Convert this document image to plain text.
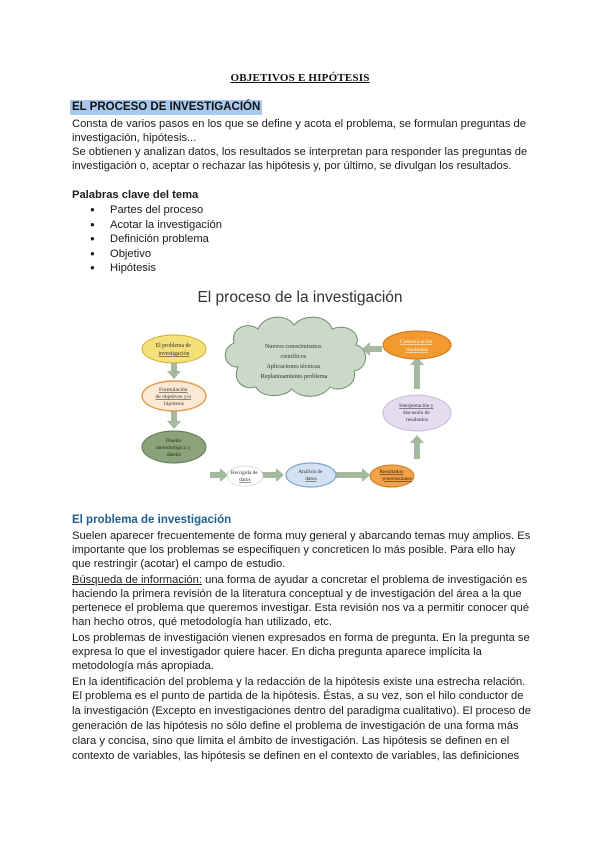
OBJETIVOS E HIPÓTESIS
EL PROCESO DE INVESTIGACIÓN
Consta de varios pasos en los que se define y acota el problema, se formulan preguntas de
investigación, hipótesis...
Se obtienen y analizan datos, los resultados se interpretan para responder las preguntas de
investigación o, aceptar o rechazar las hipótesis y, por último, se divulgan los resultados.
Palabras clave del tema
● Partes del proceso
● Acotar la investigación
● Definición problema
● Objetivo
● Hipótesis
El proceso de la investigación
Nuevos conocimientos científicos Aplicaciones técnicas Replanteamiento problema
El problema de investigación
Formulación de objetivos y/o hipótesis
Diseño metodológico y diseño
Recogida de datos
Análisis de datos
Resultados y conclusiones
Interpretación y discusión de resultados
Comunicación resultados
El problema de investigación
Suelen aparecer frecuentemente de forma muy general y abarcando temas muy amplios. Es
importante que los problemas se especifiquen y concreticen lo más posible. Para ello hay
que restringir (acotar) el campo de estudio.
Búsqueda de información: una forma de ayudar a concretar el problema de investigación es
haciendo la primera revisión de la literatura conceptual y de investigación del área a la que
pertenece el problema que queremos investigar. Esta revisión nos va a permitir conocer qué
han hecho otros, qué metodología han utilizado, etc.
Los problemas de investigación vienen expresados en forma de pregunta. En la pregunta se
expresa lo que el investigador quiere hacer. En dicha pregunta aparece implícita la
metodología más apropiada.
En la identificación del problema y la redacción de la hipótesis existe una estrecha relación.
El problema es el punto de partida de la hipótesis. Éstas, a su vez, son el hilo conductor de
la investigación (Excepto en investigaciones dentro del paradigma cualitativo). El proceso de
generación de las hipótesis no sólo define el problema de investigación de una forma más
clara y concisa, sino que limita el ámbito de investigación. Las hipótesis se definen en el
contexto de variables, las hipótesis se definen en el contexto de variables, las definiciones
